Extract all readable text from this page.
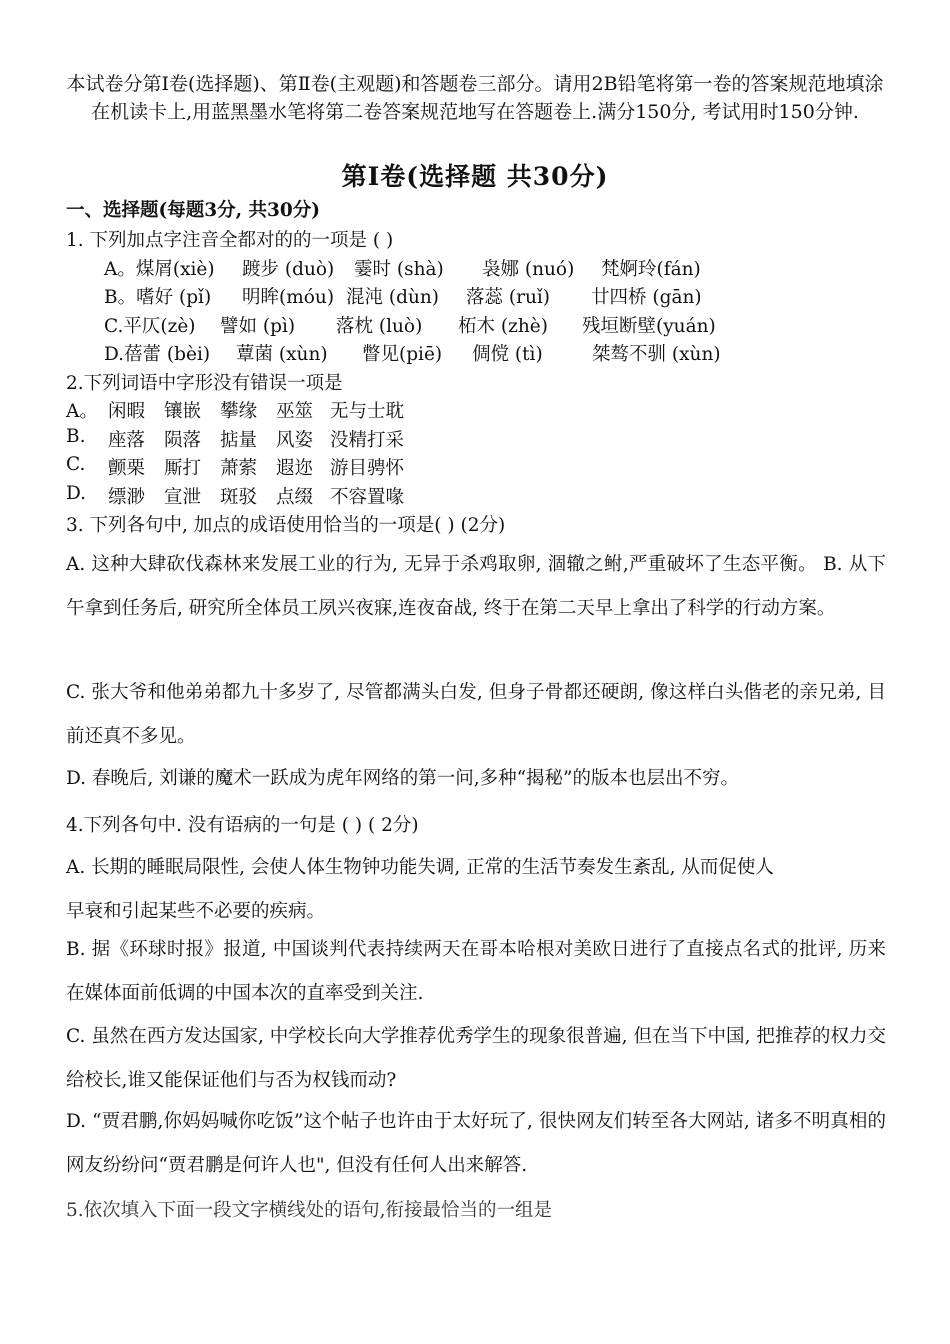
本试卷分第Ⅰ卷(选择题)、第Ⅱ卷(主观题)和答题卷三部分。请用2B铅笔将第一卷的答案规范地填涂在机读卡上,用蓝黑墨水笔将第二卷答案规范地写在答题卷上.满分150分, 考试用时150分钟.
第Ⅰ卷(选择题 共30分)
一、选择题(每题3分, 共30分)
1. 下列加点字注音全都对的的一项是 ( )
A。煤屑(xiè) 踱步 (duò) 霎时 (shà) 袅娜 (nuó) 梵婀玲(fán)
B。嗜好 (pǐ) 明眸(móu) 混沌 (dùn) 落蕊 (ruǐ) 廿四桥 (gān)
C.平仄(zè) 譬如 (pì) 落枕 (luò) 柘木 (zhè) 残垣断壁(yuán)
D.蓓蕾 (bèi) 蕈菌 (xùn) 瞥见(piē) 倜傥 (tì)	桀骜不驯 (xùn)
2.下列词语中字形没有错误一项是
A。 闲暇 镶嵌 攀缘 巫筮 无与士耽
B. 座落 陨落 掂量 风姿 没精打采
C. 颤栗 厮打 萧萦 遐迩 游目骋怀
D. 缥渺 宣泄 斑驳 点缀 不容置喙
3. 下列各句中, 加点的成语使用恰当的一项是( ) (2分)
A. 这种大肆砍伐森林来发展工业的行为, 无异于杀鸡取卵, 涸辙之鲋,严重破坏了生态平衡。 B. 从下午拿到任务后, 研究所全体员工夙兴夜寐,连夜奋战, 终于在第二天早上拿出了科学的行动方案。
C. 张大爷和他弟弟都九十多岁了, 尽管都满头白发, 但身子骨都还硬朗, 像这样白头偕老的亲兄弟, 目前还真不多见。
D. 春晚后, 刘谦的魔术一跃成为虎年网络的第一问,多种“揭秘”的版本也层出不穷。
4.下列各句中. 没有语病的一句是 ( ) ( 2分)
A. 长期的睡眠局限性, 会使人体生物钟功能失调, 正常的生活节奏发生紊乱, 从而促使人
早衰和引起某些不必要的疾病。
B. 据《环球时报》报道, 中国谈判代表持续两天在哥本哈根对美欧日进行了直接点名式的批评, 历来在媒体面前低调的中国本次的直率受到关注.
C. 虽然在西方发达国家, 中学校长向大学推荐优秀学生的现象很普遍, 但在当下中国, 把推荐的权力交给校长,谁又能保证他们与否为权钱而动?
D. “贾君鹏,你妈妈喊你吃饭”这个帖子也许由于太好玩了, 很快网友们转至各大网站, 诸多不明真相的网友纷纷问“贾君鹏是何许人也", 但没有任何人出来解答.
5.依次填入下面一段文字横线处的语句,衔接最恰当的一组是
